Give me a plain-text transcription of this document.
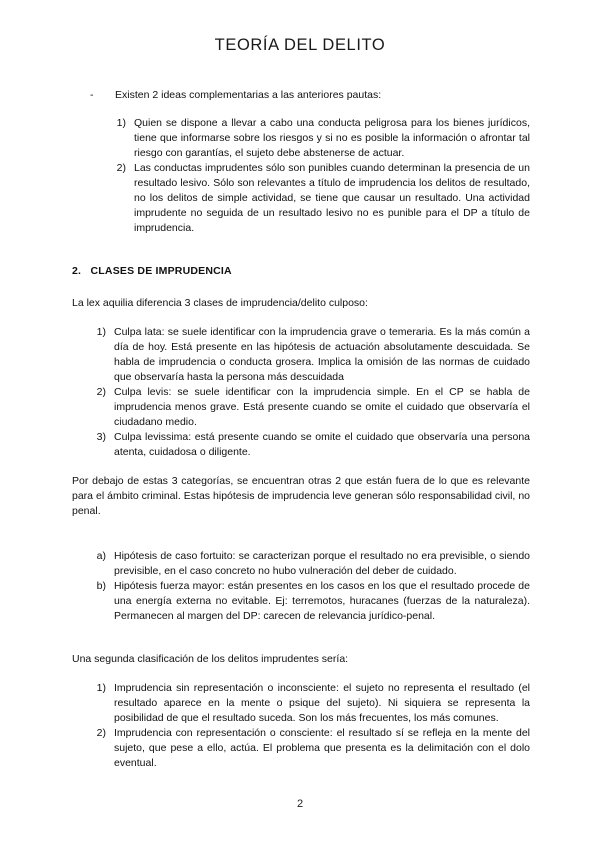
TEORÍA DEL DELITO
-	Existen 2 ideas complementarias a las anteriores pautas:
1) Quien se dispone a llevar a cabo una conducta peligrosa para los bienes jurídicos, tiene que informarse sobre los riesgos y si no es posible la información o afrontar tal riesgo con garantías, el sujeto debe abstenerse de actuar.
2) Las conductas imprudentes sólo son punibles cuando determinan la presencia de un resultado lesivo. Sólo son relevantes a título de imprudencia los delitos de resultado, no los delitos de simple actividad, se tiene que causar un resultado. Una actividad imprudente no seguida de un resultado lesivo no es punible para el DP a título de imprudencia.
2.   CLASES DE IMPRUDENCIA

La lex aquilia diferencia 3 clases de imprudencia/delito culposo:

1) Culpa lata: se suele identificar con la imprudencia grave o temeraria. Es la más común a día de hoy. Está presente en las hipótesis de actuación absolutamente descuidada. Se habla de imprudencia o conducta grosera. Implica la omisión de las normas de cuidado que observaría hasta la persona más descuidada
2) Culpa levis: se suele identificar con la imprudencia simple. En el CP se habla de imprudencia menos grave. Está presente cuando se omite el cuidado que observaría el ciudadano medio.
3) Culpa levissima: está presente cuando se omite el cuidado que observaría una persona atenta, cuidadosa o diligente.

Por debajo de estas 3 categorías, se encuentran otras 2 que están fuera de lo que es relevante para el ámbito criminal. Estas hipótesis de imprudencia leve generan sólo responsabilidad civil, no penal.

a) Hipótesis de caso fortuito: se caracterizan porque el resultado no era previsible, o siendo previsible, en el caso concreto no hubo vulneración del deber de cuidado.
b) Hipótesis fuerza mayor: están presentes en los casos en los que el resultado procede de una energía externa no evitable. Ej: terremotos, huracanes (fuerzas de la naturaleza). Permanecen al margen del DP: carecen de relevancia jurídico-penal.

Una segunda clasificación de los delitos imprudentes sería:

1) Imprudencia sin representación o inconsciente: el sujeto no representa el resultado (el resultado aparece en la mente o psique del sujeto). Ni siquiera se representa la posibilidad de que el resultado suceda. Son los más frecuentes, los más comunes.
2) Imprudencia con representación o consciente: el resultado sí se refleja en la mente del sujeto, que pese a ello, actúa. El problema que presenta es la delimitación con el dolo eventual.
2
